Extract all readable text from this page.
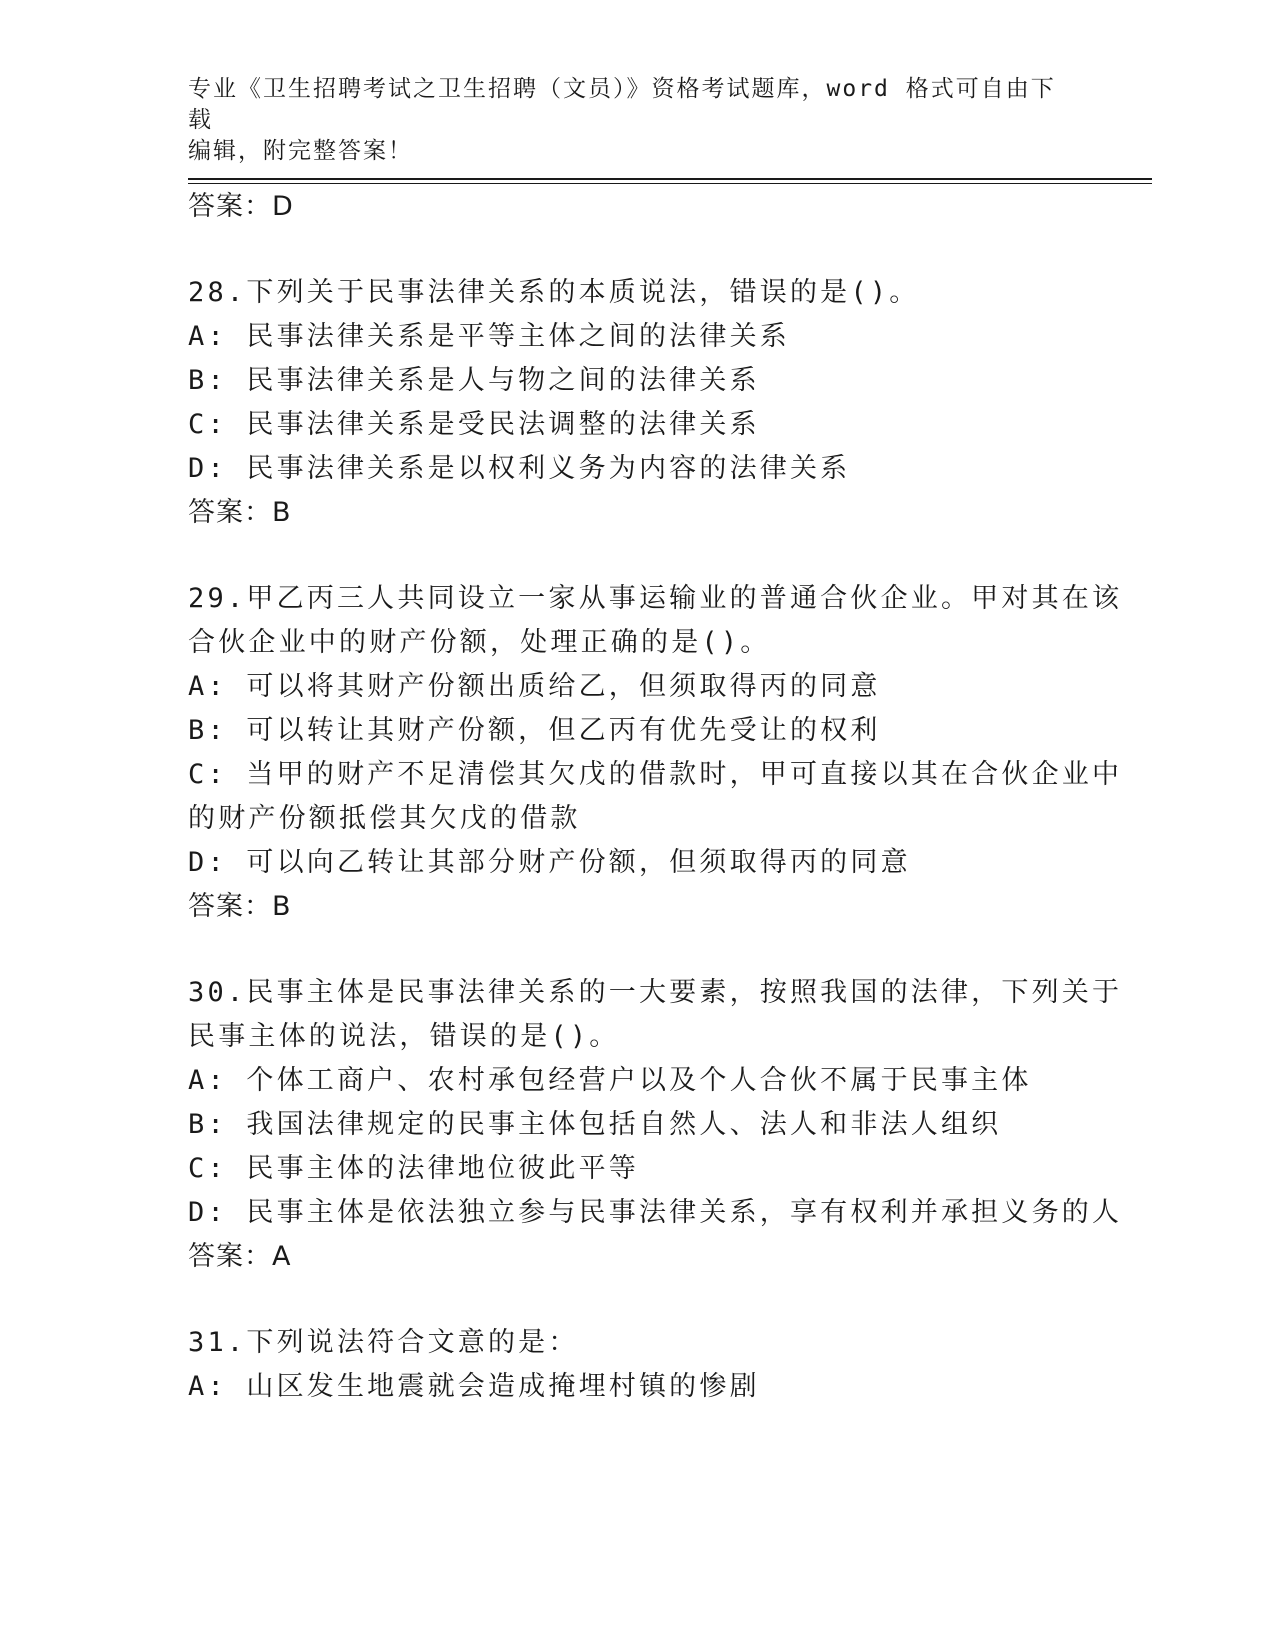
专业《卫生招聘考试之卫生招聘（文员）》资格考试题库，word 格式可自由下载
编辑，附完整答案！
答案：D
28.下列关于民事法律关系的本质说法，错误的是()。
A: 民事法律关系是平等主体之间的法律关系
B: 民事法律关系是人与物之间的法律关系
C: 民事法律关系是受民法调整的法律关系
D: 民事法律关系是以权利义务为内容的法律关系
答案：B
29.甲乙丙三人共同设立一家从事运输业的普通合伙企业。甲对其在该
合伙企业中的财产份额，处理正确的是()。
A: 可以将其财产份额出质给乙，但须取得丙的同意
B: 可以转让其财产份额，但乙丙有优先受让的权利
C: 当甲的财产不足清偿其欠戊的借款时，甲可直接以其在合伙企业中
的财产份额抵偿其欠戊的借款
D: 可以向乙转让其部分财产份额，但须取得丙的同意
答案：B
30.民事主体是民事法律关系的一大要素，按照我国的法律，下列关于
民事主体的说法，错误的是()。
A: 个体工商户、农村承包经营户以及个人合伙不属于民事主体
B: 我国法律规定的民事主体包括自然人、法人和非法人组织
C: 民事主体的法律地位彼此平等
D: 民事主体是依法独立参与民事法律关系，享有权利并承担义务的人
答案：A
31.下列说法符合文意的是：
A: 山区发生地震就会造成掩埋村镇的惨剧
